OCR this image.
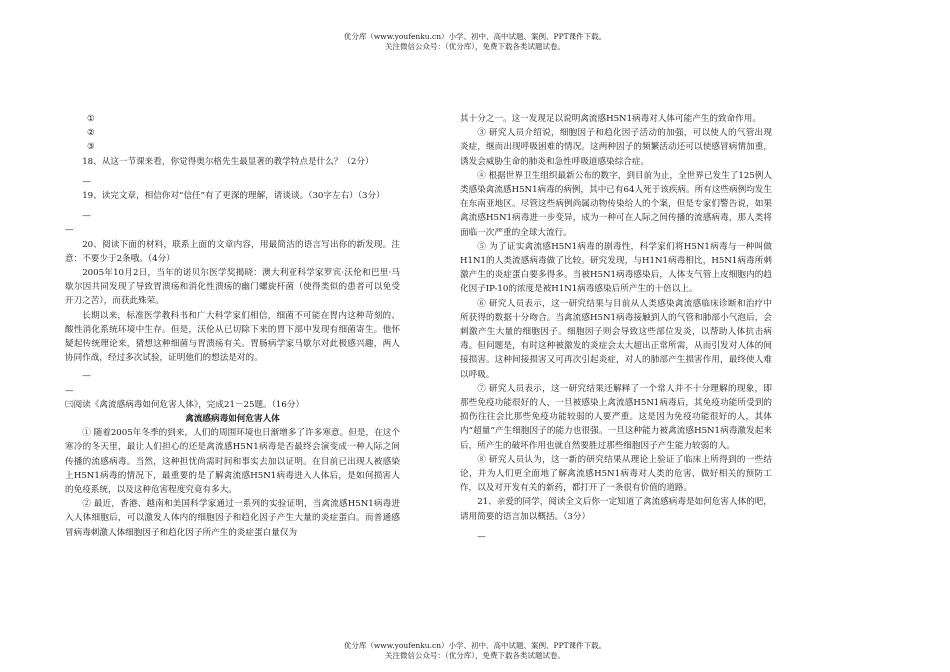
优分库（www.youfenku.cn）小学、初中、高中试题、案例、PPT课件下载。
关注微信公众号：（优分库），免费下载各类试题试卷。

①

②

③

18、从这一节课来看，你觉得奥尔格先生最显著的教学特点是什么？（2分）

—

19、读完文章，相信你对“信任”有了更深的理解，请谈谈。（30字左右）（3分）

—

—

20、阅读下面的材料，联系上面的文章内容，用最简洁的语言写出你的新发现。注意：不要少于2条哦。（4分）

2005年10月2日，当年的诺贝尔医学奖揭晓：澳大利亚科学家罗宾·沃伦和巴里·马歇尔因共同发现了导致胃溃疡和消化性溃疡的幽门螺旋杆菌（使得类似的患者可以免受开刀之苦），而获此殊荣。

长期以来，标准医学教科书和广大科学家们相信，细菌不可能在胃内这种苛刻的、酸性消化系统环境中生存。但是，沃伦从已切除下来的胃下部中发现有细菌寄生。他怀疑起传统理论来，猜想这种细菌与胃溃疡有关。胃肠病学家马歇尔对此极感兴趣，两人协同作战，经过多次试验，证明他们的想法是对的。

—

—

㈢阅读《禽流感病毒如何危害人体》，完成21－25题。（16分）

禽流感病毒如何危害人体

① 随着2005年冬季的到来，人们的周围环境也日渐增多了许多寒意。但是，在这个寒冷的冬天里，最让人们担心的还是禽流感H5N1病毒是否最终会演变成一种人际之间传播的流感病毒。当然，这种担忧尚需时间和事实去加以证明。在目前已出现人被感染上H5N1病毒的情况下，最重要的是了解禽流感H5N1病毒进入人体后，是如何损害人的免疫系统，以及这种危害程度究竟有多大。

② 最近，香港、越南和美国科学家通过一系列的实验证明，当禽流感H5N1病毒进入人体细胞后，可以激发人体内的细胞因子和趋化因子产生大量的炎症蛋白。而普通感冒病毒刺激人体细胞因子和趋化因子所产生的炎症蛋白量仅为

其十分之一。这一发现足以说明禽流感H5N1病毒对人体可能产生的致命作用。

③ 研究人员介绍说，细胞因子和趋化因子活动的加强，可以使人的气管出现炎症，继而出现呼吸困难的情况。这两种因子的频繁活动还可以使感冒病情加重，诱发会威胁生命的肺炎和急性呼吸道感染综合症。

④ 根据世界卫生组织最新公布的数字，到目前为止，全世界已发生了125例人类感染禽流感H5N1病毒的病例，其中已有64人死于该疾病。所有这些病例均发生在东南亚地区。尽管这些病例尚属动物传染给人的个案，但是专家们警告说，如果禽流感H5N1病毒进一步变异，成为一种可在人际之间传播的流感病毒，那人类将面临一次严重的全球大流行。

⑤ 为了证实禽流感H5N1病毒的剧毒性，科学家们将H5N1病毒与一种叫做H1N1的人类流感病毒做了比较。研究发现，与H1N1病毒相比，H5N1病毒所刺激产生的炎症蛋白要多得多。当被H5N1病毒感染后，人体支气管上皮细胞内的趋化因子IP-10的浓度是被H1N1病毒感染后所产生的十倍以上。

⑥ 研究人员表示，这一研究结果与目前从人类感染禽流感临床诊断和治疗中所获得的数据十分吻合。当禽流感H5N1病毒接触到人的气管和肺部小气泡后，会刺激产生大量的细胞因子。细胞因子则会导致这些部位发炎，以帮助人体抗击病毒。但问题是，有时这种被激发的炎症会太大超出正常所需，从而引发对人体的间接损害。这种间接损害又可再次引起炎症，对人的肺部产生损害作用，最终使人难以呼吸。

⑦ 研究人员表示，这一研究结果还解释了一个常人并不十分理解的现象，即那些免疫功能很好的人，一旦被感染上禽流感H5N1病毒后，其免疫功能所受到的损伤往往会比那些免疫功能较弱的人要严重。这是因为免疫功能很好的人，其体内“超量”产生细胞因子的能力也很强。一旦这种能力被禽流感H5N1病毒激发起来后，所产生的破坏作用也就自然要胜过那些细胞因子产生能力较弱的人。

⑧ 研究人员认为，这一新的研究结果从理论上验证了临床上所得到的一些结论，并为人们更全面地了解禽流感H5N1病毒对人类的危害，做好相关的预防工作，以及对开发有关的新药，都打开了一条很有价值的道路。

21、亲爱的同学，阅读全文后你一定知道了禽流感病毒是如何危害人体的吧，请用简要的语言加以概括。（3分）

—

优分库（www.youfenku.cn）小学、初中、高中试题、案例、PPT课件下载。
关注微信公众号：（优分库），免费下载各类试题试卷。
